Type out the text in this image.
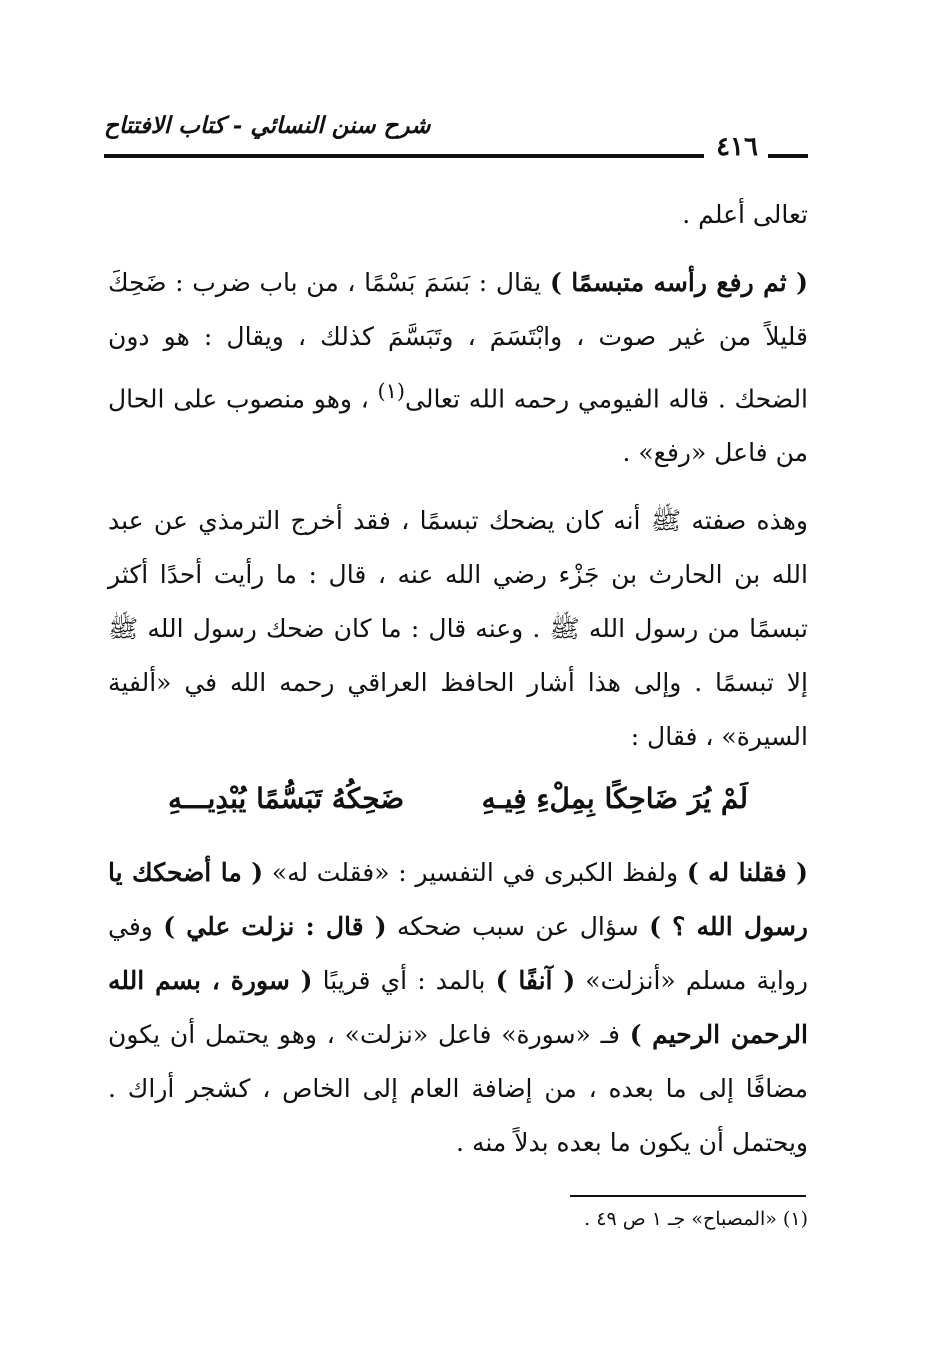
٤١٦
شرح سنن النسائي - كتاب الافتتاح

تعالى أعلم .

( ثم رفع رأسه متبسمًا ) يقال : بَسَمَ بَسْمًا ، من باب ضرب : ضَحِكَ قليلاً من غير صوت ، وابْتَسَمَ ، وتَبَسَّمَ كذلك ، ويقال : هو دون الضحك . قاله الفيومي رحمه الله تعالى$^{(١)}$ ، وهو منصوب على الحال من فاعل «رفع» .

وهذه صفته ﷺ أنه كان يضحك تبسمًا ، فقد أخرج الترمذي عن عبد الله بن الحارث بن جَزْء رضي الله عنه ، قال : ما رأيت أحدًا أكثر تبسمًا من رسول الله ﷺ . وعنه قال : ما كان ضحك رسول الله ﷺ إلا تبسمًا . وإلى هذا أشار الحافظ العراقي رحمه الله في «ألفية السيرة» ، فقال :

لَمْ يُرَ ضَاحِكًا بِمِلْءِ فِيـهِ
ضَحِكُهُ تَبَسُّمًا يُبْدِيـــهِ

( فقلنا له ) ولفظ الكبرى في التفسير : «فقلت له» ( ما أضحكك يا رسول الله ؟ ) سؤال عن سبب ضحكه ( قال : نزلت علي ) وفي رواية مسلم «أنزلت» ( آنفًا ) بالمد : أي قريبًا ( سورة ، بسم الله الرحمن الرحيم ) فـ «سورة» فاعل «نزلت» ، وهو يحتمل أن يكون مضافًا إلى ما بعده ، من إضافة العام إلى الخاص ، كشجر أراك . ويحتمل أن يكون ما بعده بدلاً منه .

(١) «المصباح» جـ ١ ص ٤٩ .
